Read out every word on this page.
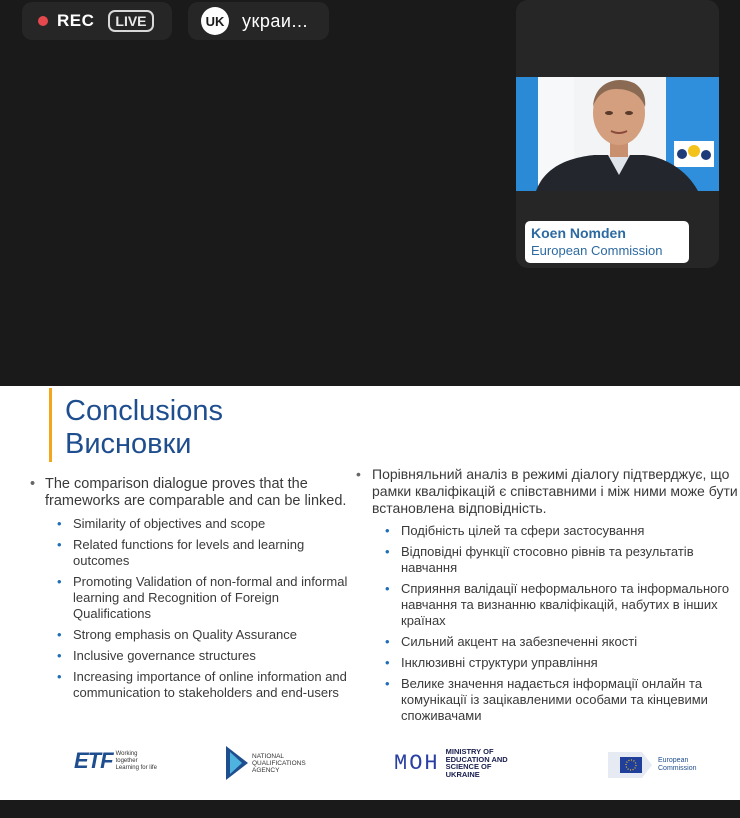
REC	LIVE	UK украи...
Koen Nomden
European Commission
Conclusions
Висновки
• The comparison dialogue proves that the frameworks are comparable and can be linked.
• Similarity of objectives and scope
• Related functions for levels and learning outcomes
• Promoting Validation of non-formal and informal learning and Recognition of Foreign Qualifications
• Strong emphasis on Quality Assurance
• Inclusive governance structures
• Increasing importance of online information and communication to stakeholders and end-users
• Порівняльний аналіз в режимі діалогу підтверджує, що рамки кваліфікацій є співставними і між ними може бути встановлена відповідність.
• Подібність цілей та сфери застосування
• Відповідні функції стосовно рівнів та результатів навчання
• Сприяння валідації неформального та інформального навчання та визнанню кваліфікацій, набутих в інших країнах
• Сильний акцент на забезпеченні якості
• Інклюзивні структури управління
• Велике значення надається інформації онлайн та комунікації із зацікавленими особами та кінцевими споживачами
ETF Working together Learning for life
NATIONAL QUALIFICATIONS AGENCY	MOH MINISTRY OF EDUCATION AND SCIENCE OF UKRAINE
European Commission
